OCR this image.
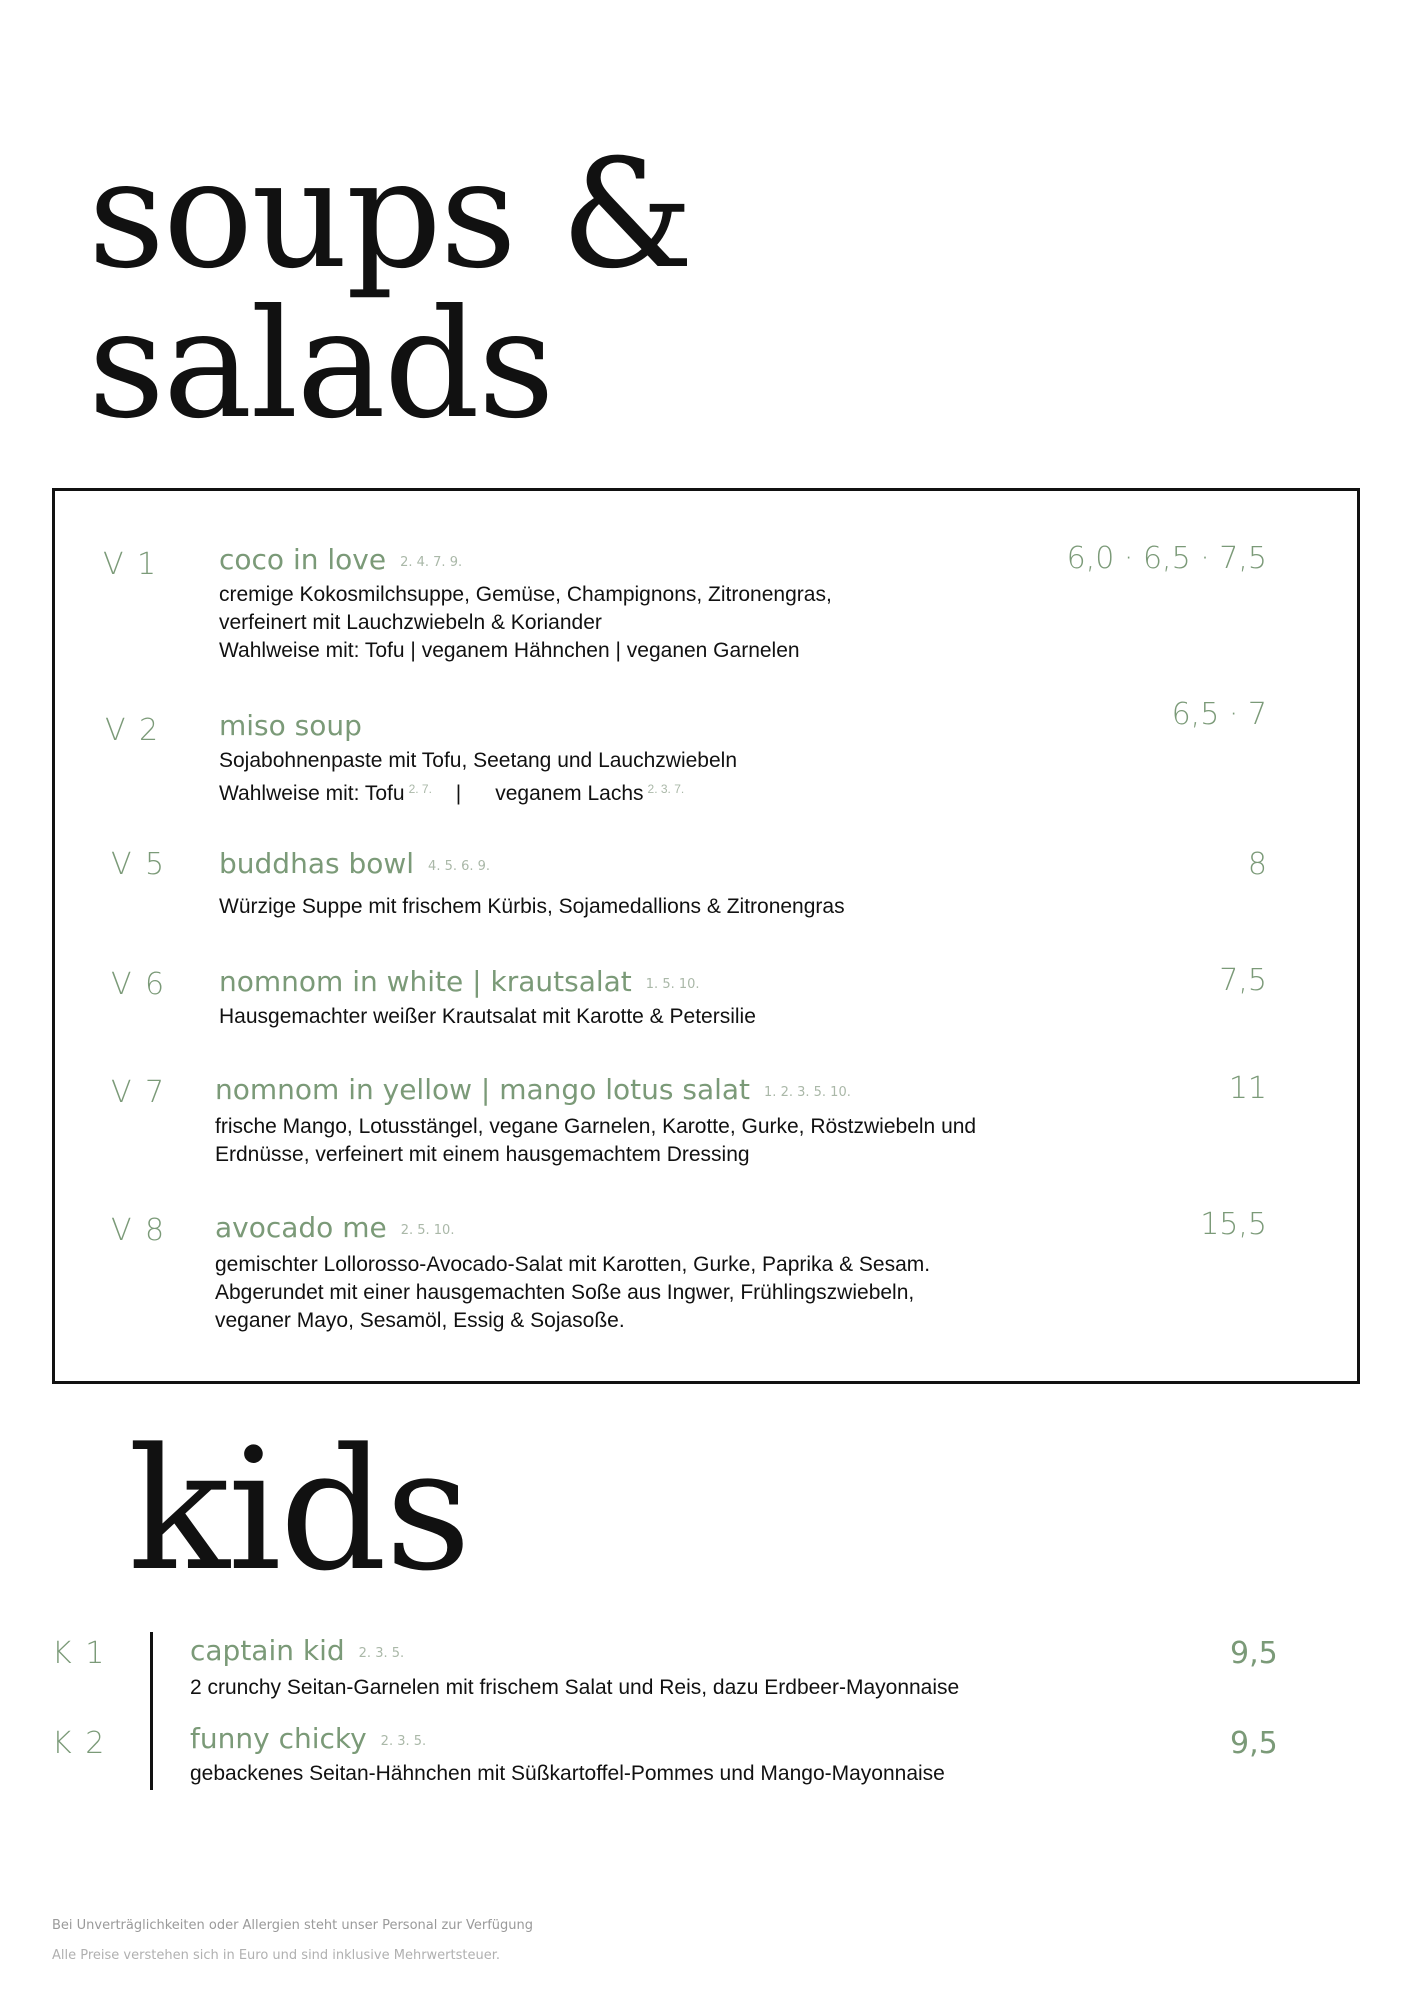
soups &
salads
V 1 coco in love 2. 4. 7. 9.	6,0 · 6,5 · 7,5
cremige Kokosmilchsuppe, Gemüse, Champignons, Zitronengras,
verfeinert mit Lauchzwiebeln & Koriander
Wahlweise mit: Tofu | veganem Hähnchen | veganen Garnelen
V 2 miso soup	6,5 · 7
Sojabohnenpaste mit Tofu, Seetang und Lauchzwiebeln
Wahlweise mit: Tofu $^{2. 7.}$ | veganem Lachs $^{2. 3. 7.}$
V 5 buddhas bowl 4. 5. 6. 9.	8
Würzige Suppe mit frischem Kürbis, Sojamedallions & Zitronengras
V 6 nomnom in white | krautsalat 1. 5. 10.	7,5
Hausgemachter weißer Krautsalat mit Karotte & Petersilie
V 7 nomnom in yellow | mango lotus salat 1. 2. 3. 5. 10.	11
frische Mango, Lotusstängel, vegane Garnelen, Karotte, Gurke, Röstzwiebeln und
Erdnüsse, verfeinert mit einem hausgemachtem Dressing
V 8 avocado me 2. 5. 10.	15,5
gemischter Lollorosso-Avocado-Salat mit Karotten, Gurke, Paprika & Sesam.
Abgerundet mit einer hausgemachten Soße aus Ingwer, Frühlingszwiebeln,
veganer Mayo, Sesamöl, Essig & Sojasoße.
kids
K 1	captain kid 2. 3. 5.	9,5
2 crunchy Seitan-Garnelen mit frischem Salat und Reis, dazu Erdbeer-Mayonnaise
K 2	funny chicky 2. 3. 5.	9,5
gebackenes Seitan-Hähnchen mit Süßkartoffel-Pommes und Mango-Mayonnaise
Bei Unverträglichkeiten oder Allergien steht unser Personal zur Verfügung
Alle Preise verstehen sich in Euro und sind inklusive Mehrwertsteuer.
